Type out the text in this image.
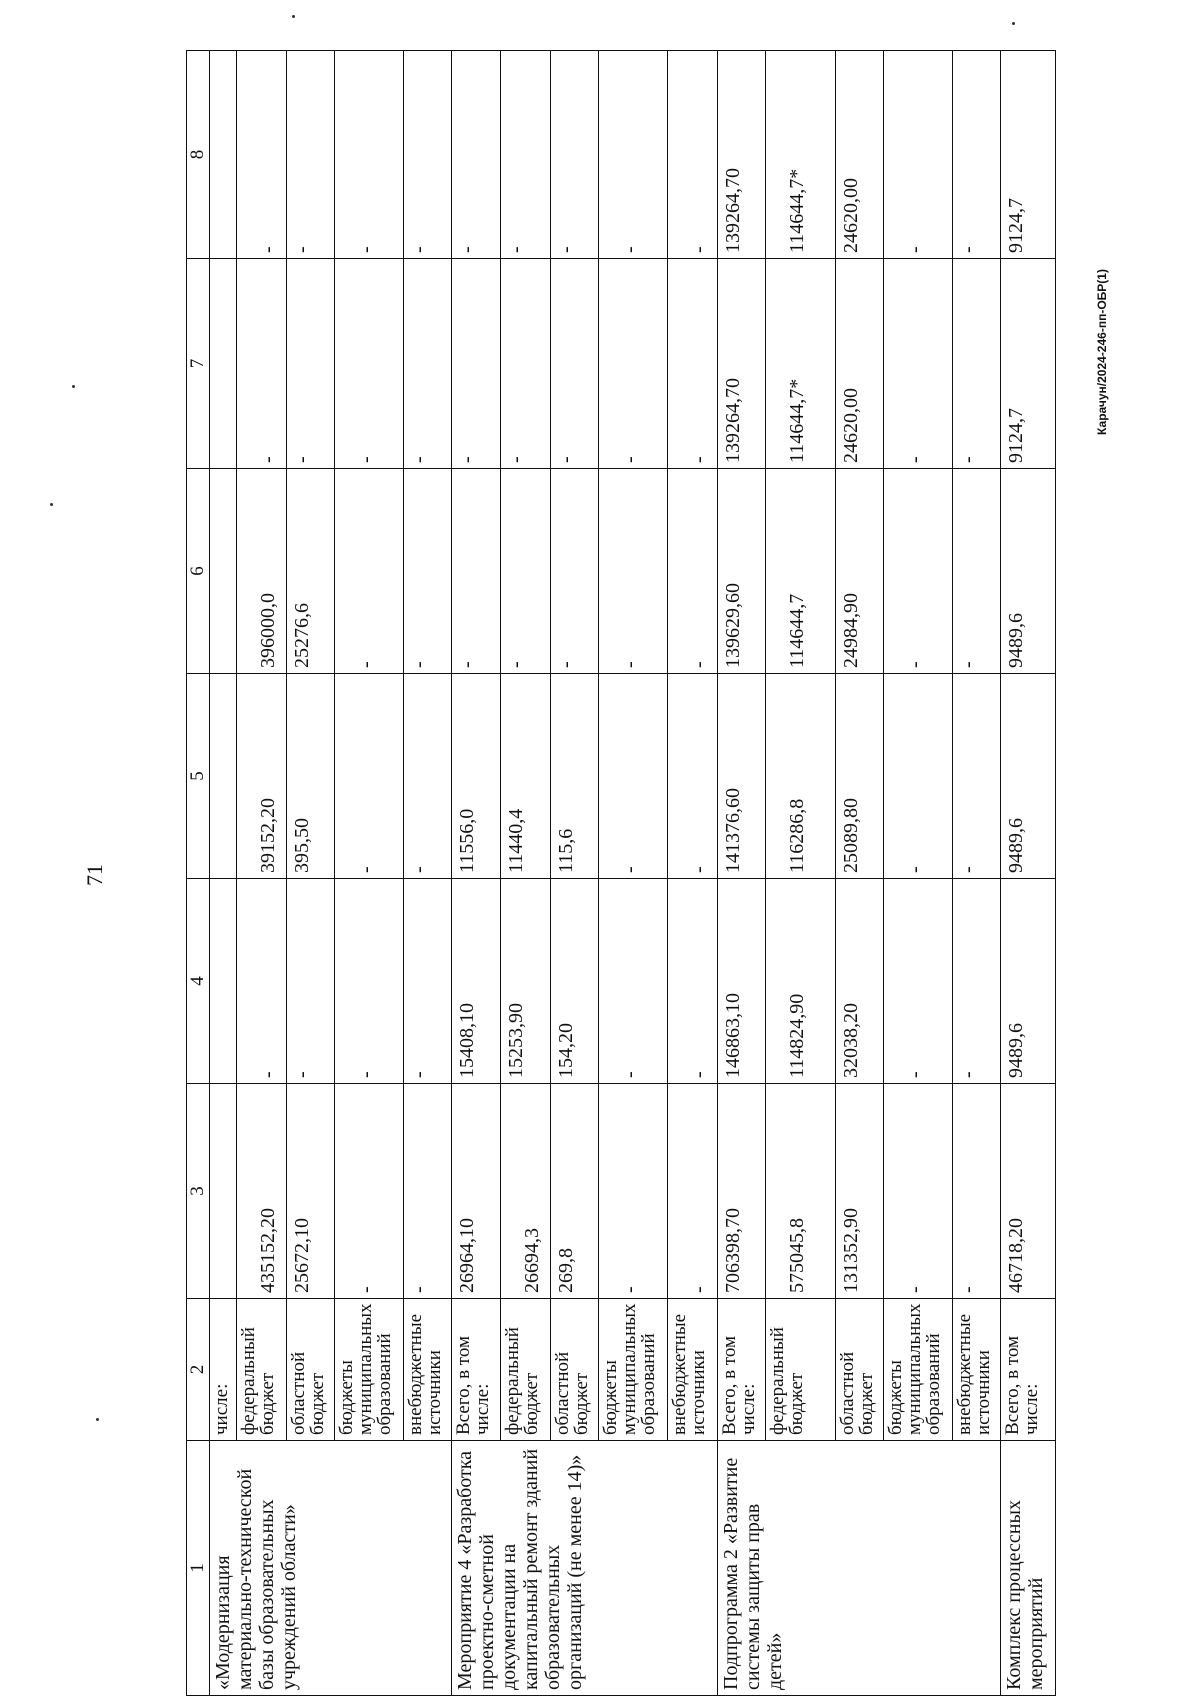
71
Карачун/2024-246-пп-ОБР(1)
1	2	3	4	5	6	7	8
«Модернизация материально-технической базы образовательных учреждений области»	числе:						
	федеральный бюджет	435152,20	-	39152,20	396000,0	-	-
	областной бюджет	25672,10	-	395,50	25276,6	-	-
	бюджеты муниципальных образований	-	-	-	-	-	-
	внебюджетные источники	-	-	-	-	-	-
Мероприятие 4 «Разработка проектно-сметной документации на капитальный ремонт зданий образовательных организаций (не менее 14)»	Всего, в том числе:	26964,10	15408,10	11556,0	-	-	-
	федеральный бюджет	26694,3	15253,90	11440,4	-	-	-
	областной бюджет	269,8	154,20	115,6	-	-	-
	бюджеты муниципальных образований	-	-	-	-	-	-
	внебюджетные источники	-	-	-	-	-	-
Подпрограмма 2 «Развитие системы защиты прав детей»	Всего, в том числе:	706398,70	146863,10	141376,60	139629,60	139264,70	139264,70
	федеральный бюджет	575045,8	114824,90	116286,8	114644,7	114644,7*	114644,7*
	областной бюджет	131352,90	32038,20	25089,80	24984,90	24620,00	24620,00
	бюджеты муниципальных образований	-	-	-	-	-	-
	внебюджетные источники	-	-	-	-	-	-
Комплекс процессных мероприятий	Всего, в том числе:	46718,20	9489,6	9489,6	9489,6	9124,7	9124,7
